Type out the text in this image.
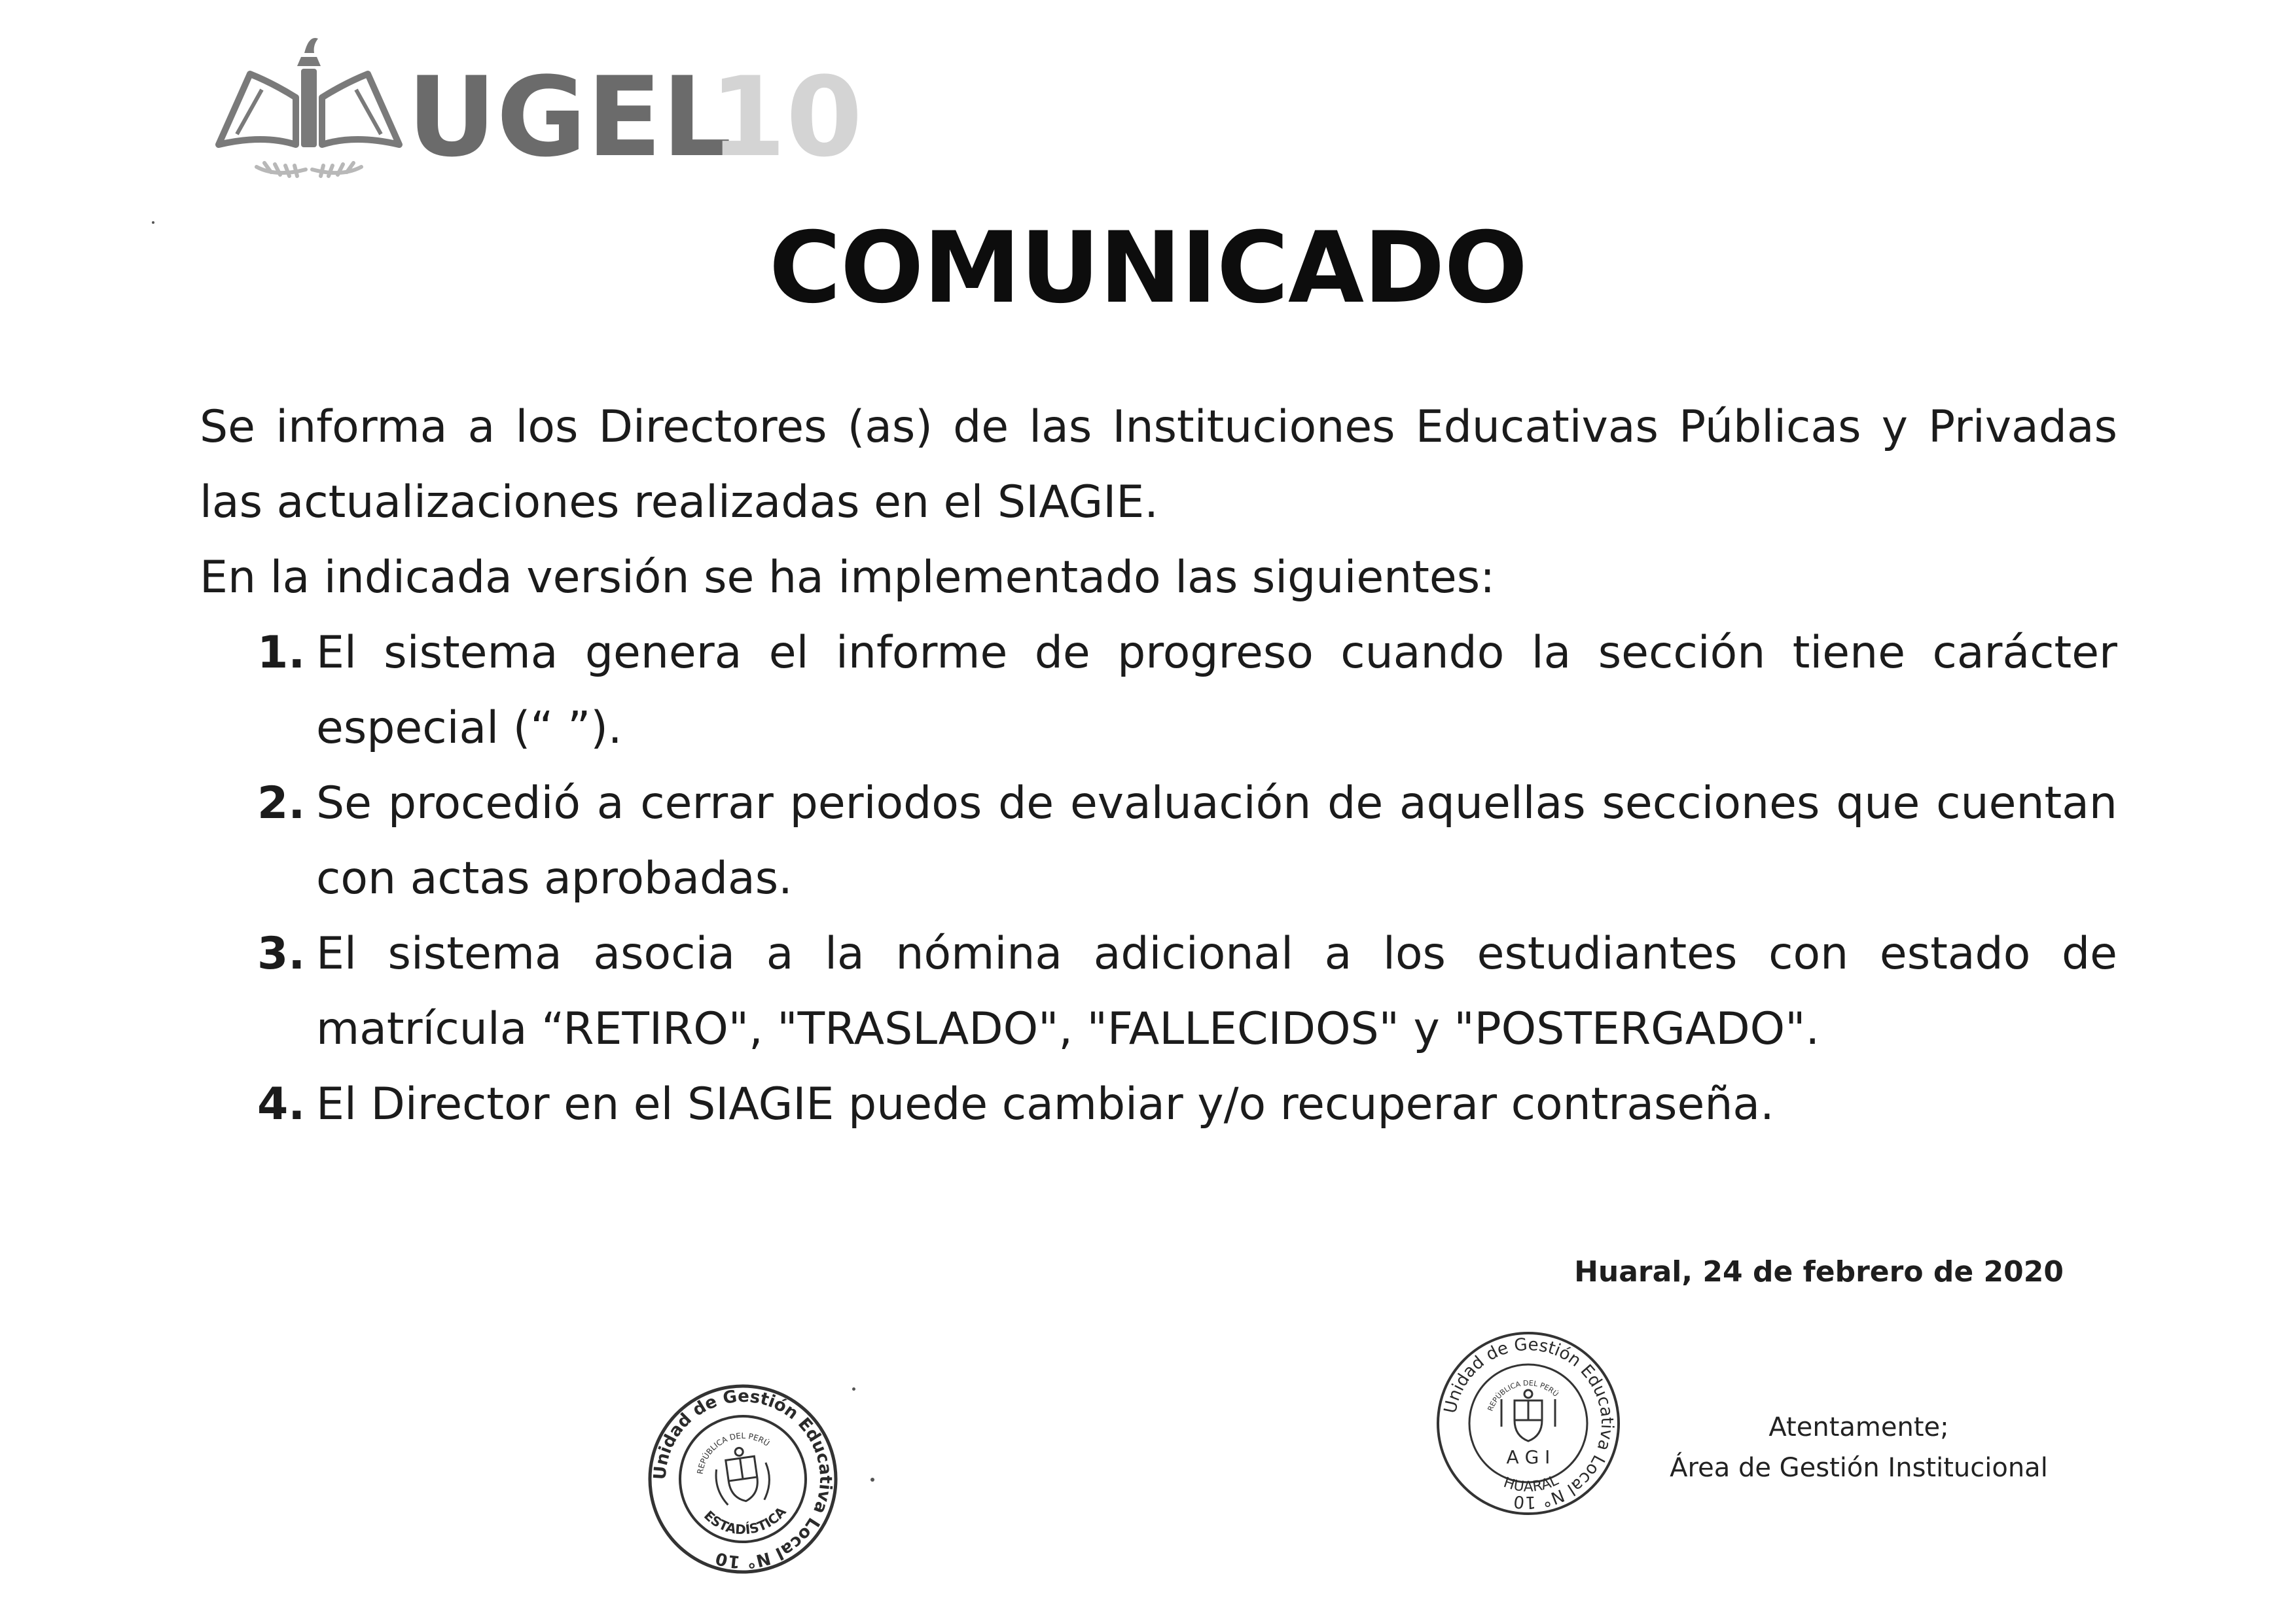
UGEL
10
COMUNICADO

Se informa a los Directores (as) de las Instituciones Educativas Públicas y Privadas las actualizaciones realizadas en el SIAGIE.

En la indicada versión se ha implementado las siguientes:

1. El sistema genera el informe de progreso cuando la sección tiene carácter especial (“ ”).
2. Se procedió a cerrar periodos de evaluación de aquellas secciones que cuentan con actas aprobadas.
3. El sistema asocia a la nómina adicional a los estudiantes con estado de matrícula “RETIRO", "TRASLADO", "FALLECIDOS" y "POSTERGADO".
4. El Director en el SIAGIE puede cambiar y/o recuperar contraseña.
Huaral, 24 de febrero de 2020
Unidad de Gestión Educativa Local N° 10
REPÚBLICA DEL PERÚ
ESTADÍSTICA
Unidad de Gestión Educativa Local N° 10
REPÚBLICA DEL PERÚ
A G I
HUARAL
Atentamente;
Área de Gestión Institucional
